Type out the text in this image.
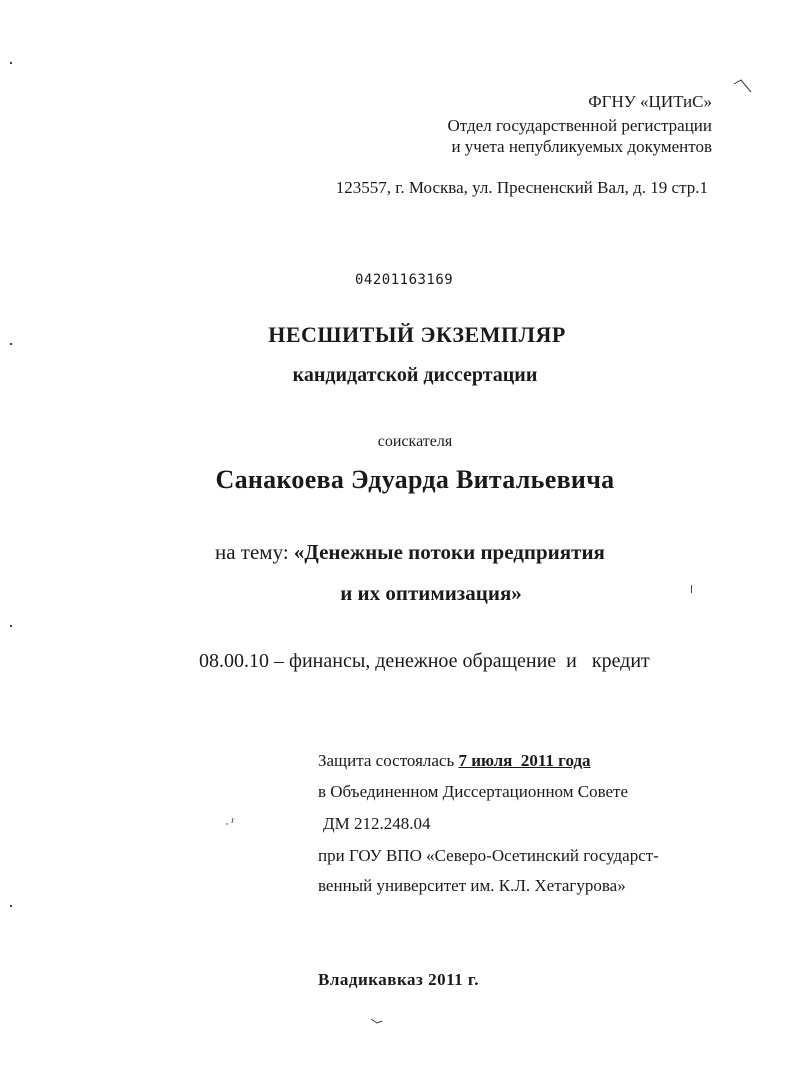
ФГНУ «ЦИТиС»
Отдел государственной регистрации
и учета непубликуемых документов
123557, г. Москва, ул. Пресненский Вал, д. 19 стр.1
04201163169
НЕСШИТЫЙ ЭКЗЕМПЛЯР
кандидатской диссертации
соискателя
Санакоева Эдуарда Витальевича
на тему: «Денежные потоки предприятия
и их оптимизация»
08.00.10 – финансы, денежное обращение  и   кредит
Защита состоялась 7 июля  2011 года
в Объединенном Диссертационном Совете
ДМ 212.248.04
при ГОУ ВПО «Северо-Осетинский государст-
венный университет им. К.Л. Хетагурова»
Владикавказ 2011 г.
